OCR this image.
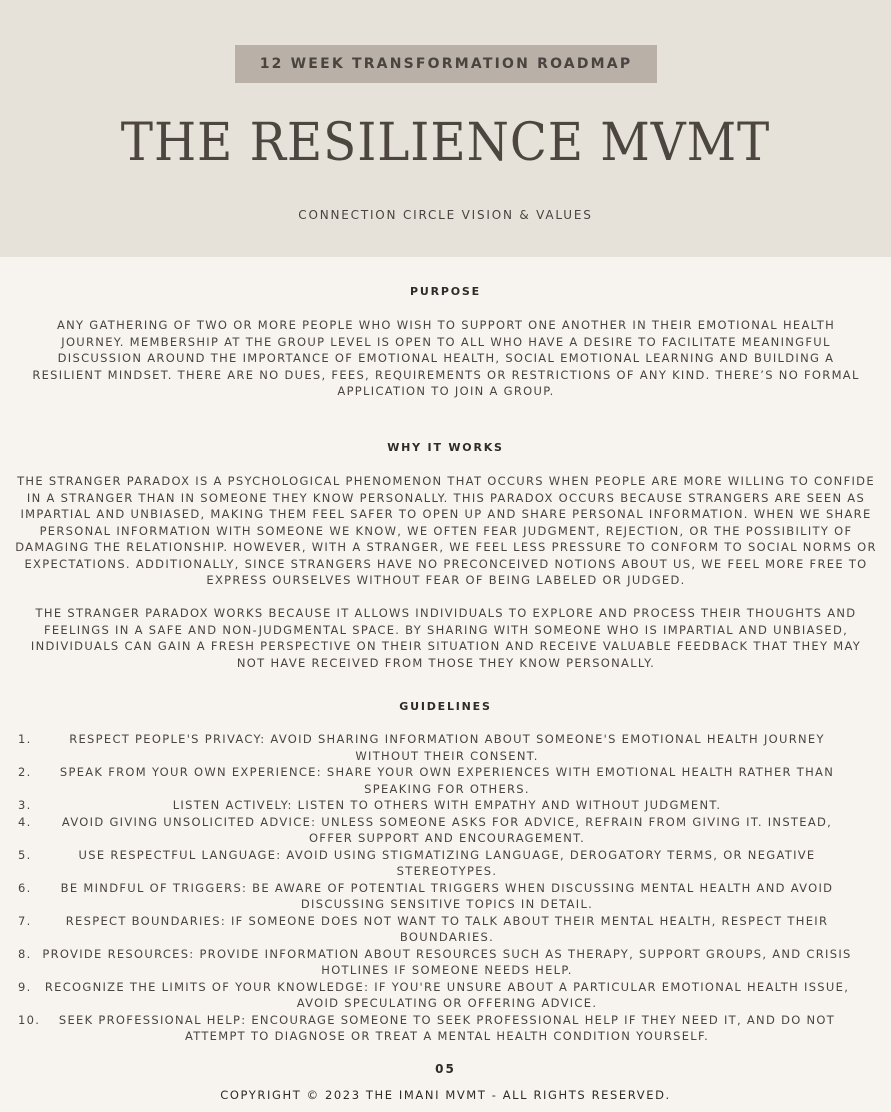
12 WEEK TRANSFORMATION ROADMAP
THE RESILIENCE MVMT
CONNECTION CIRCLE VISION & VALUES
PURPOSE
ANY GATHERING OF TWO OR MORE PEOPLE WHO WISH TO SUPPORT ONE ANOTHER IN THEIR EMOTIONAL HEALTH JOURNEY. MEMBERSHIP AT THE GROUP LEVEL IS OPEN TO ALL WHO HAVE A DESIRE TO FACILITATE MEANINGFUL DISCUSSION AROUND THE IMPORTANCE OF EMOTIONAL HEALTH, SOCIAL EMOTIONAL LEARNING AND BUILDING A RESILIENT MINDSET. THERE ARE NO DUES, FEES, REQUIREMENTS OR RESTRICTIONS OF ANY KIND. THERE’S NO FORMAL APPLICATION TO JOIN A GROUP.
WHY IT WORKS
THE STRANGER PARADOX IS A PSYCHOLOGICAL PHENOMENON THAT OCCURS WHEN PEOPLE ARE MORE WILLING TO CONFIDE IN A STRANGER THAN IN SOMEONE THEY KNOW PERSONALLY. THIS PARADOX OCCURS BECAUSE STRANGERS ARE SEEN AS IMPARTIAL AND UNBIASED, MAKING THEM FEEL SAFER TO OPEN UP AND SHARE PERSONAL INFORMATION. WHEN WE SHARE PERSONAL INFORMATION WITH SOMEONE WE KNOW, WE OFTEN FEAR JUDGMENT, REJECTION, OR THE POSSIBILITY OF DAMAGING THE RELATIONSHIP. HOWEVER, WITH A STRANGER, WE FEEL LESS PRESSURE TO CONFORM TO SOCIAL NORMS OR EXPECTATIONS. ADDITIONALLY, SINCE STRANGERS HAVE NO PRECONCEIVED NOTIONS ABOUT US, WE FEEL MORE FREE TO EXPRESS OURSELVES WITHOUT FEAR OF BEING LABELED OR JUDGED.
THE STRANGER PARADOX WORKS BECAUSE IT ALLOWS INDIVIDUALS TO EXPLORE AND PROCESS THEIR THOUGHTS AND FEELINGS IN A SAFE AND NON-JUDGMENTAL SPACE. BY SHARING WITH SOMEONE WHO IS IMPARTIAL AND UNBIASED, INDIVIDUALS CAN GAIN A FRESH PERSPECTIVE ON THEIR SITUATION AND RECEIVE VALUABLE FEEDBACK THAT THEY MAY NOT HAVE RECEIVED FROM THOSE THEY KNOW PERSONALLY.
GUIDELINES
1.	RESPECT PEOPLE'S PRIVACY: AVOID SHARING INFORMATION ABOUT SOMEONE'S EMOTIONAL HEALTH JOURNEY WITHOUT THEIR CONSENT.
2.	SPEAK FROM YOUR OWN EXPERIENCE: SHARE YOUR OWN EXPERIENCES WITH EMOTIONAL HEALTH RATHER THAN SPEAKING FOR OTHERS.
3.	LISTEN ACTIVELY: LISTEN TO OTHERS WITH EMPATHY AND WITHOUT JUDGMENT.
4.	AVOID GIVING UNSOLICITED ADVICE: UNLESS SOMEONE ASKS FOR ADVICE, REFRAIN FROM GIVING IT. INSTEAD, OFFER SUPPORT AND ENCOURAGEMENT.
5.	USE RESPECTFUL LANGUAGE: AVOID USING STIGMATIZING LANGUAGE, DEROGATORY TERMS, OR NEGATIVE STEREOTYPES.
6.	BE MINDFUL OF TRIGGERS: BE AWARE OF POTENTIAL TRIGGERS WHEN DISCUSSING MENTAL HEALTH AND AVOID DISCUSSING SENSITIVE TOPICS IN DETAIL.
7.	RESPECT BOUNDARIES: IF SOMEONE DOES NOT WANT TO TALK ABOUT THEIR MENTAL HEALTH, RESPECT THEIR BOUNDARIES.
8. PROVIDE RESOURCES: PROVIDE INFORMATION ABOUT RESOURCES SUCH AS THERAPY, SUPPORT GROUPS, AND CRISIS HOTLINES IF SOMEONE NEEDS HELP.
9.	RECOGNIZE THE LIMITS OF YOUR KNOWLEDGE: IF YOU'RE UNSURE ABOUT A PARTICULAR EMOTIONAL HEALTH ISSUE, AVOID SPECULATING OR OFFERING ADVICE.
10.	SEEK PROFESSIONAL HELP: ENCOURAGE SOMEONE TO SEEK PROFESSIONAL HELP IF THEY NEED IT, AND DO NOT ATTEMPT TO DIAGNOSE OR TREAT A MENTAL HEALTH CONDITION YOURSELF.
05
COPYRIGHT © 2023 THE IMANI MVMT - ALL RIGHTS RESERVED.
